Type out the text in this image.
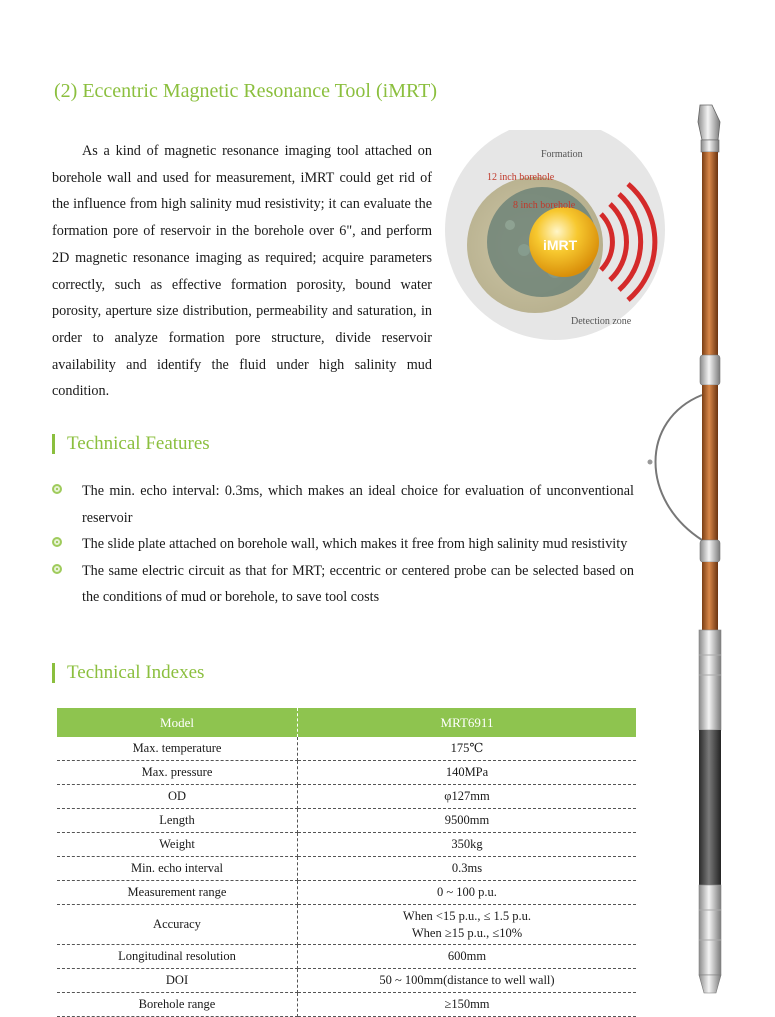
(2) Eccentric Magnetic Resonance Tool (iMRT)

As a kind of magnetic resonance imaging tool attached on borehole wall and used for measurement, iMRT could get rid of the influence from high salinity mud resistivity; it can evaluate the formation pore of reservoir in the borehole over 6", and perform 2D magnetic resonance imaging as required; acquire parameters correctly, such as effective formation porosity, bound water porosity, aperture size distribution, permeability and saturation, in order to analyze formation pore structure, divide reservoir availability and identify the fluid under high salinity mud condition.

Formation
12 inch borehole
8 inch borehole
iMRT
Detection zone
Technical Features
The min. echo interval: 0.3ms, which makes an ideal choice for evaluation of unconventional reservoir
The slide plate attached on borehole wall, which makes it free from high salinity mud resistivity
The same electric circuit as that for MRT; eccentric or centered probe can be selected based on the conditions of mud or borehole, to save tool costs
Technical Indexes
Model	MRT6911
Max. temperature	175℃
Max. pressure	140MPa
OD	φ127mm
Length	9500mm
Weight	350kg
Min. echo interval	0.3ms
Measurement range	0 ~ 100 p.u.
Accuracy	When <15 p.u., ≤ 1.5 p.u.
When ≥15 p.u., ≤10%

Longitudinal resolution	600mm
DOI	50 ~ 100mm(distance to well wall)
Borehole range	≥150mm
